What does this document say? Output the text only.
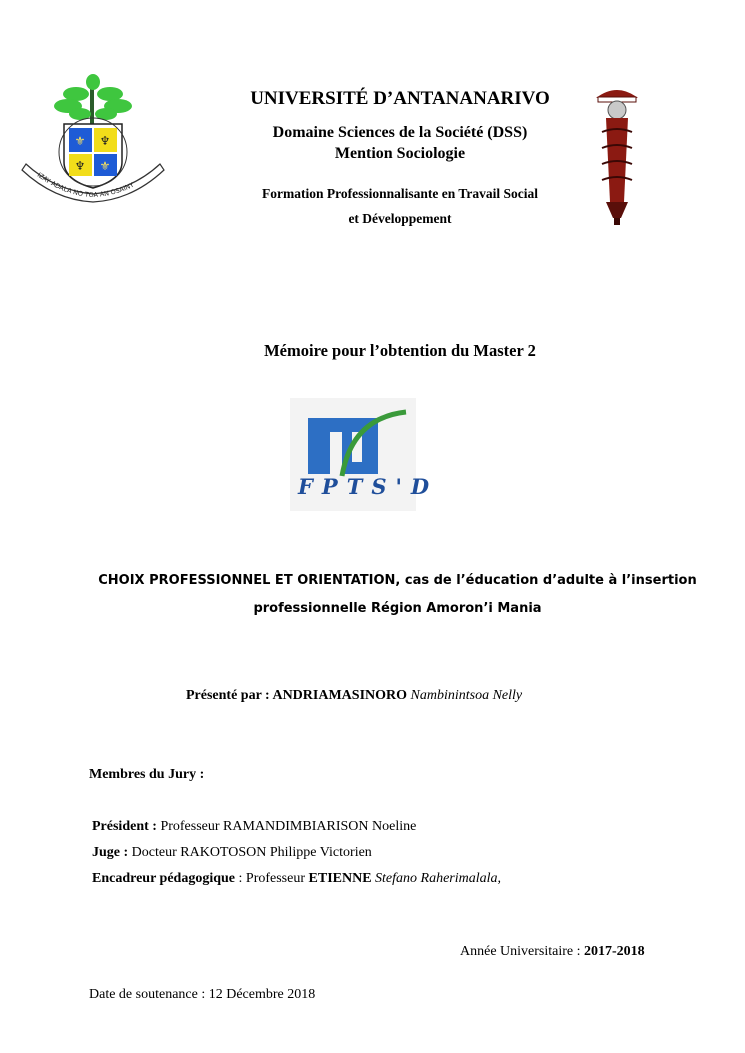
⚜ ♆
♆ ⚜
IZAY ADALA NO TOA AN OSAINY
UNIVERSITÉ D’ANTANANARIVO
Domaine Sciences de la Société (DSS)
Mention Sociologie
Formation Professionnalisante en Travail Social
et Développement
Mémoire pour l’obtention du Master 2
FPTS'D
CHOIX PROFESSIONNEL ET ORIENTATION, cas de l’éducation d’adulte à l’insertion
professionnelle Région Amoron’i Mania
Présenté par : ANDRIAMASINORO Nambinintsoa Nelly
Membres du Jury :
Président : Professeur RAMANDIMBIARISON Noeline
Juge : Docteur RAKOTOSON Philippe Victorien
Encadreur pédagogique : Professeur ETIENNE Stefano Raherimalala,
Année Universitaire : 2017-2018
Date de soutenance : 12 Décembre 2018
